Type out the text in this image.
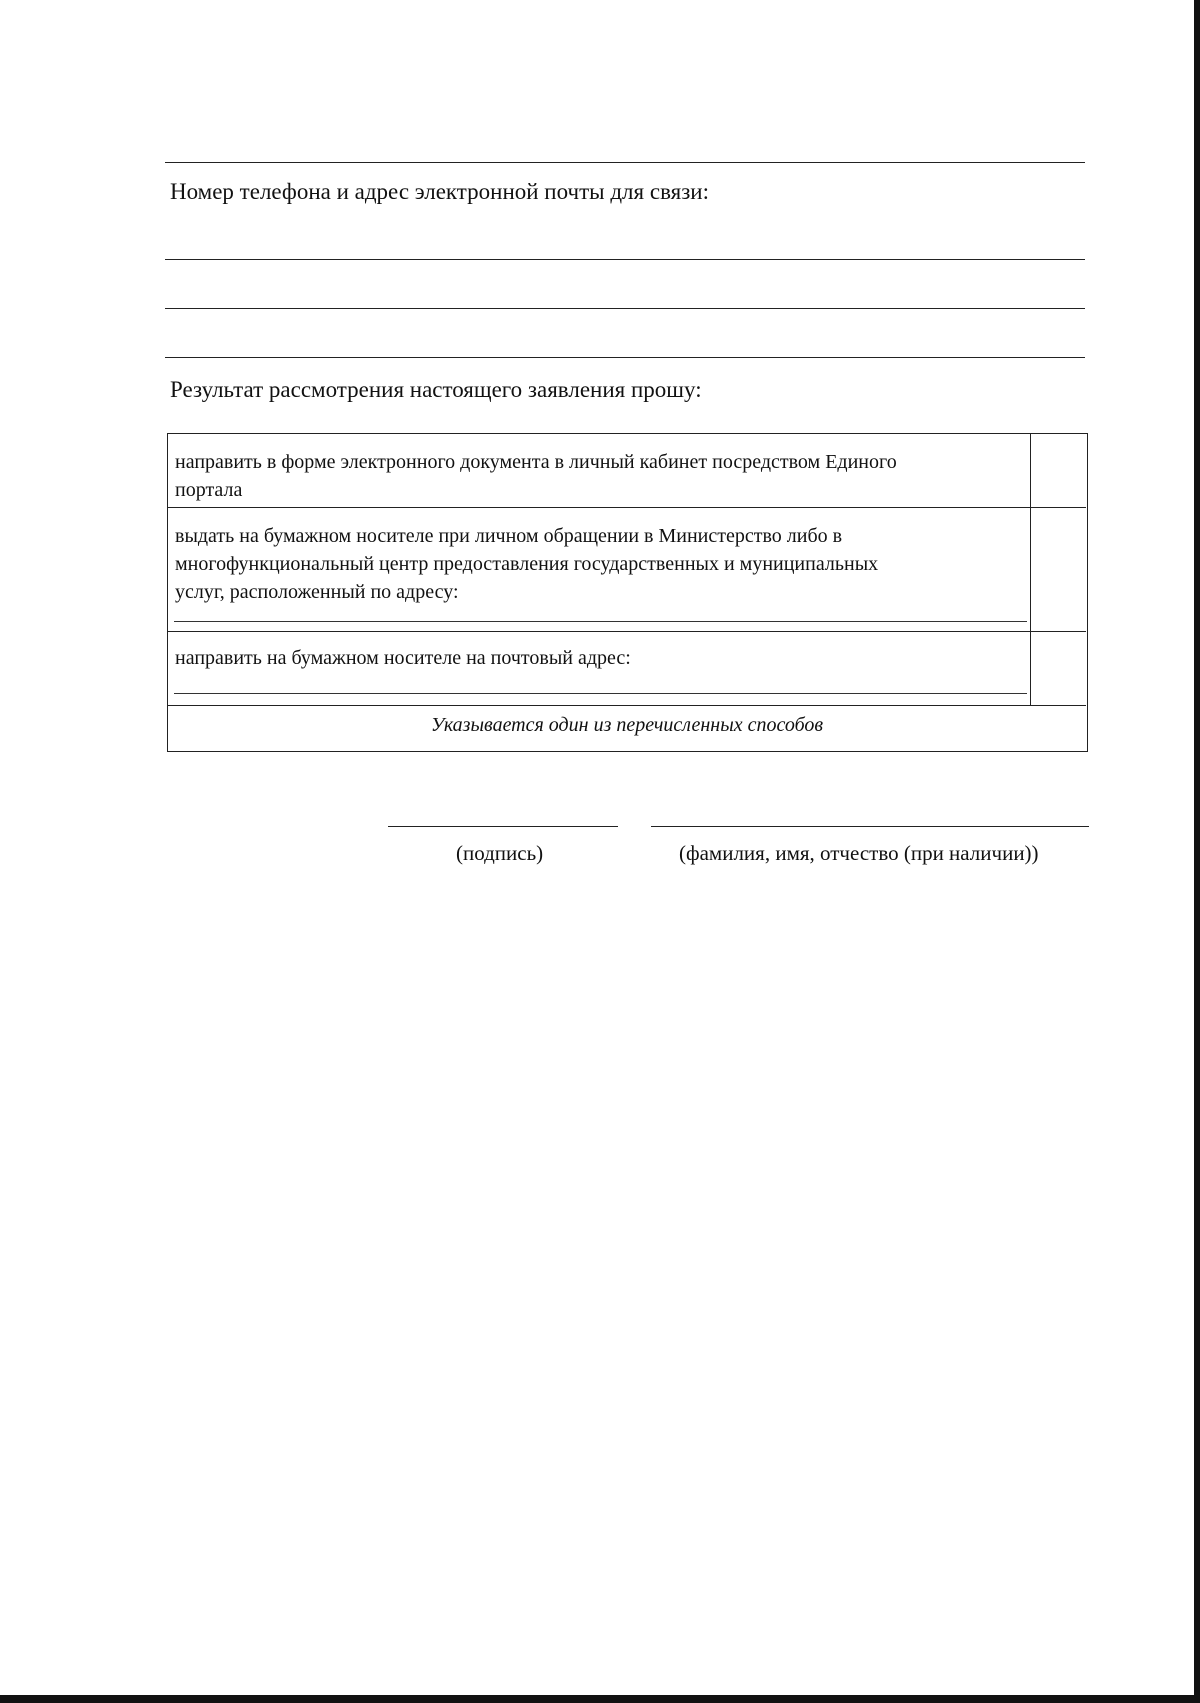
Номер телефона и адрес электронной почты для связи:
Результат рассмотрения настоящего заявления прошу:
направить в форме электронного документа в личный кабинет посредством Единого
портала
выдать на бумажном носителе при личном обращении в Министерство либо в
многофункциональный центр предоставления государственных и муниципальных
услуг, расположенный по адресу:
направить на бумажном носителе на почтовый адрес:
Указывается один из перечисленных способов
(подпись)	(фамилия, имя, отчество (при наличии))
